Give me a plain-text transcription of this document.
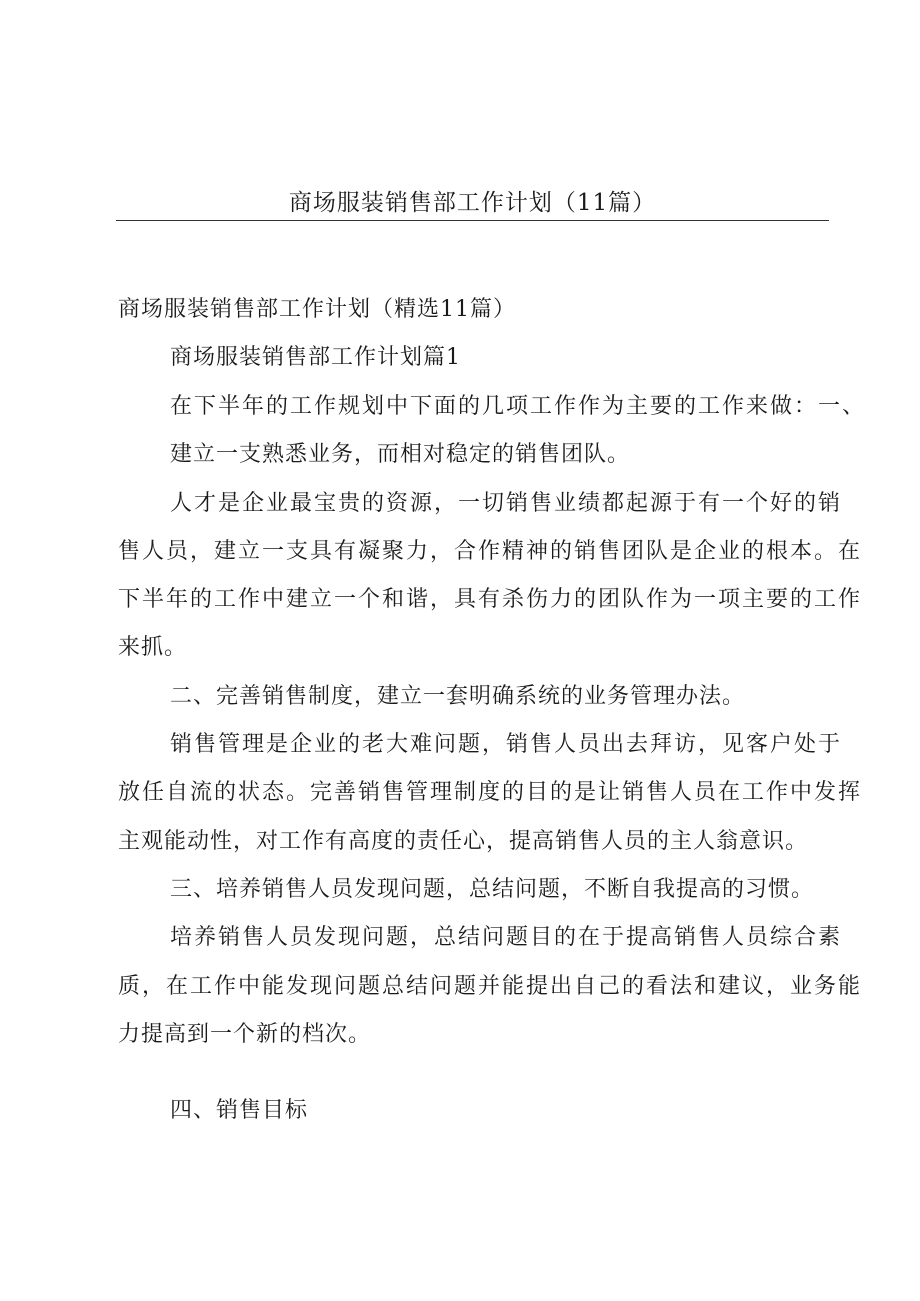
商场服装销售部工作计划（11篇）
商场服装销售部工作计划（精选11篇）
商场服装销售部工作计划篇1
在下半年的工作规划中下面的几项工作作为主要的工作来做：一、
建立一支熟悉业务，而相对稳定的销售团队。
人才是企业最宝贵的资源，一切销售业绩都起源于有一个好的销
售人员，建立一支具有凝聚力，合作精神的销售团队是企业的根本。在
下半年的工作中建立一个和谐，具有杀伤力的团队作为一项主要的工作
来抓。
二、完善销售制度，建立一套明确系统的业务管理办法。
销售管理是企业的老大难问题，销售人员出去拜访，见客户处于
放任自流的状态。完善销售管理制度的目的是让销售人员在工作中发挥
主观能动性，对工作有高度的责任心，提高销售人员的主人翁意识。
三、培养销售人员发现问题，总结问题，不断自我提高的习惯。
培养销售人员发现问题，总结问题目的在于提高销售人员综合素
质，在工作中能发现问题总结问题并能提出自己的看法和建议，业务能
力提高到一个新的档次。
四、销售目标
